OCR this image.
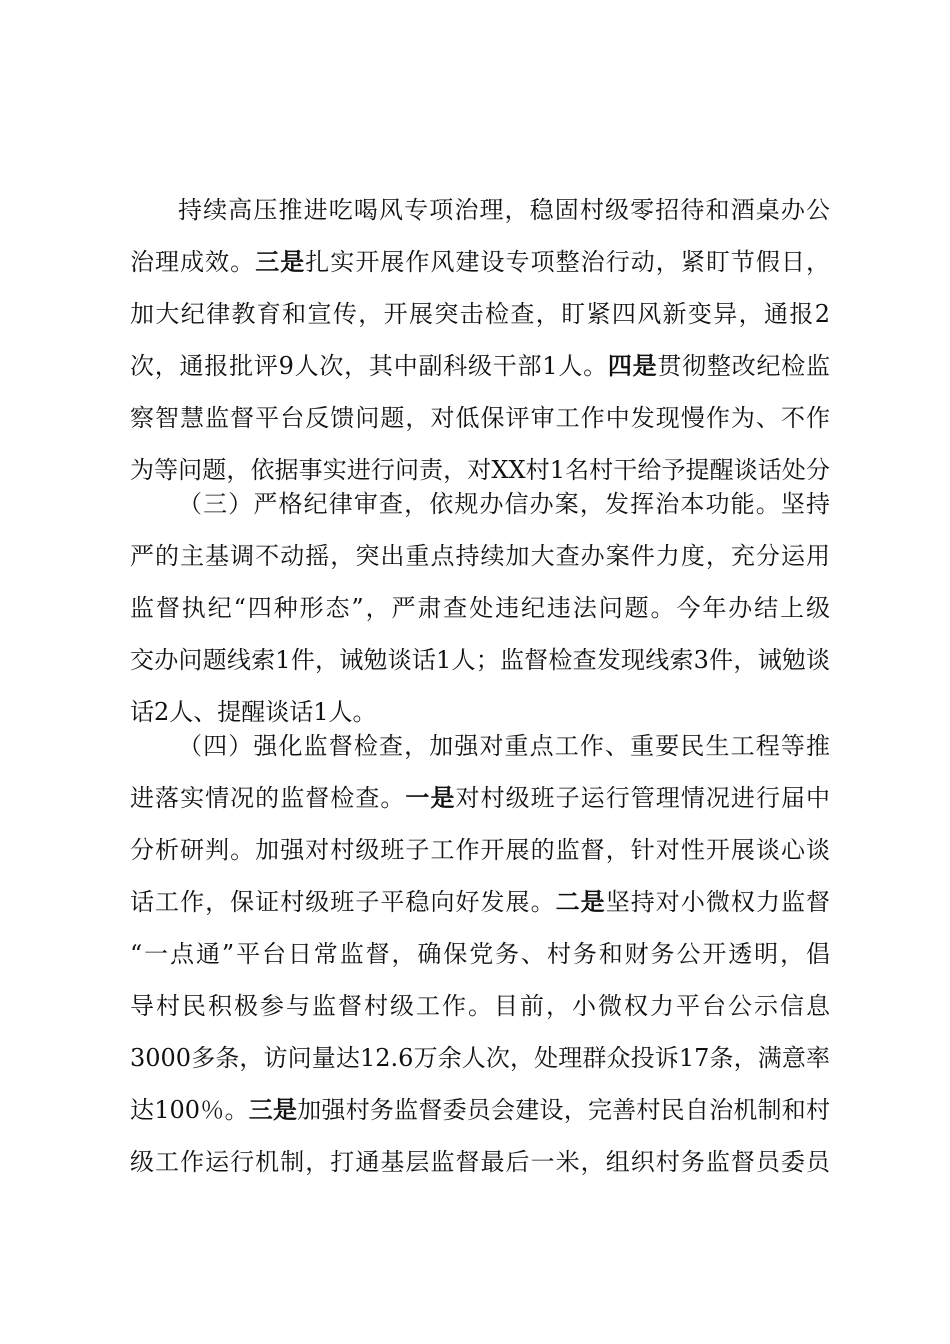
持续高压推进吃喝风专项治理，稳固村级零招待和酒桌办公
治理成效。三是扎实开展作风建设专项整治行动，紧盯节假日，
加大纪律教育和宣传，开展突击检查，盯紧四风新变异，通报2
次，通报批评9人次，其中副科级干部1人。四是贯彻整改纪检监
察智慧监督平台反馈问题，对低保评审工作中发现慢作为、不作
为等问题，依据事实进行问责，对XX村1名村干给予提醒谈话处分
（三）严格纪律审查，依规办信办案，发挥治本功能。坚持
严的主基调不动摇，突出重点持续加大查办案件力度，充分运用
监督执纪“四种形态”，严肃查处违纪违法问题。今年办结上级
交办问题线索1件，诫勉谈话1人；监督检查发现线索3件，诫勉谈
话2人、提醒谈话1人。
（四）强化监督检查，加强对重点工作、重要民生工程等推
进落实情况的监督检查。一是对村级班子运行管理情况进行届中
分析研判。加强对村级班子工作开展的监督，针对性开展谈心谈
话工作，保证村级班子平稳向好发展。二是坚持对小微权力监督
“一点通”平台日常监督，确保党务、村务和财务公开透明，倡
导村民积极参与监督村级工作。目前，小微权力平台公示信息
3000多条，访问量达12.6万余人次，处理群众投诉17条，满意率
达100％。三是加强村务监督委员会建设，完善村民自治机制和村
级工作运行机制，打通基层监督最后一米，组织村务监督员委员
